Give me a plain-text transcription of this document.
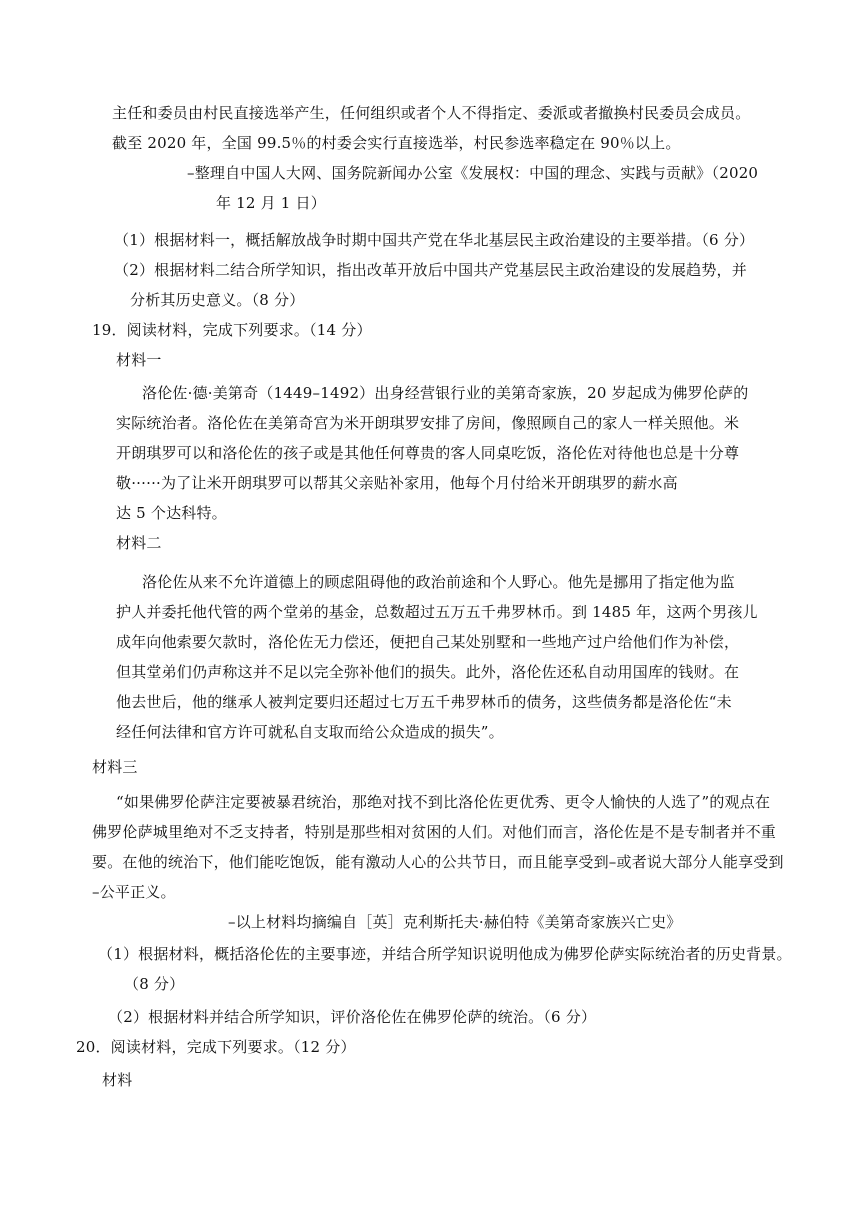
主任和委员由村民直接选举产生，任何组织或者个人不得指定、委派或者撤换村民委员会成员。
截至 2020 年，全国 99.5％的村委会实行直接选举，村民参选率稳定在 90％以上。
–整理自中国人大网、国务院新闻办公室《发展权：中国的理念、实践与贡献》（2020
年 12 月 1 日）
（1）根据材料一，概括解放战争时期中国共产党在华北基层民主政治建设的主要举措。（6 分）
（2）根据材料二结合所学知识，指出改革开放后中国共产党基层民主政治建设的发展趋势，并
分析其历史意义。（8 分）
19．阅读材料，完成下列要求。（14 分）
材料一
洛伦佐·德·美第奇（1449–1492）出身经营银行业的美第奇家族，20 岁起成为佛罗伦萨的
实际统治者。洛伦佐在美第奇宫为米开朗琪罗安排了房间，像照顾自己的家人一样关照他。米
开朗琪罗可以和洛伦佐的孩子或是其他任何尊贵的客人同桌吃饭，洛伦佐对待他也总是十分尊
敬······为了让米开朗琪罗可以帮其父亲贴补家用，他每个月付给米开朗琪罗的薪水高
达 5 个达科特。
材料二
洛伦佐从来不允许道德上的顾虑阻碍他的政治前途和个人野心。他先是挪用了指定他为监
护人并委托他代管的两个堂弟的基金，总数超过五万五千弗罗林币。到 1485 年，这两个男孩儿
成年向他索要欠款时，洛伦佐无力偿还，便把自己某处别墅和一些地产过户给他们作为补偿，
但其堂弟们仍声称这并不足以完全弥补他们的损失。此外，洛伦佐还私自动用国库的钱财。在
他去世后，他的继承人被判定要归还超过七万五千弗罗林币的债务，这些债务都是洛伦佐“未
经任何法律和官方许可就私自支取而给公众造成的损失”。
材料三
“如果佛罗伦萨注定要被暴君统治，那绝对找不到比洛伦佐更优秀、更令人愉快的人选了”的观点在
佛罗伦萨城里绝对不乏支持者，特别是那些相对贫困的人们。对他们而言，洛伦佐是不是专制者并不重
要。在他的统治下，他们能吃饱饭，能有激动人心的公共节日，而且能享受到–或者说大部分人能享受到
–公平正义。
–以上材料均摘编自［英］克利斯托夫·赫伯特《美第奇家族兴亡史》
（1）根据材料，概括洛伦佐的主要事迹，并结合所学知识说明他成为佛罗伦萨实际统治者的历史背景。
（8 分）
（2）根据材料并结合所学知识，评价洛伦佐在佛罗伦萨的统治。（6 分）
20．阅读材料，完成下列要求。（12 分）
材料
